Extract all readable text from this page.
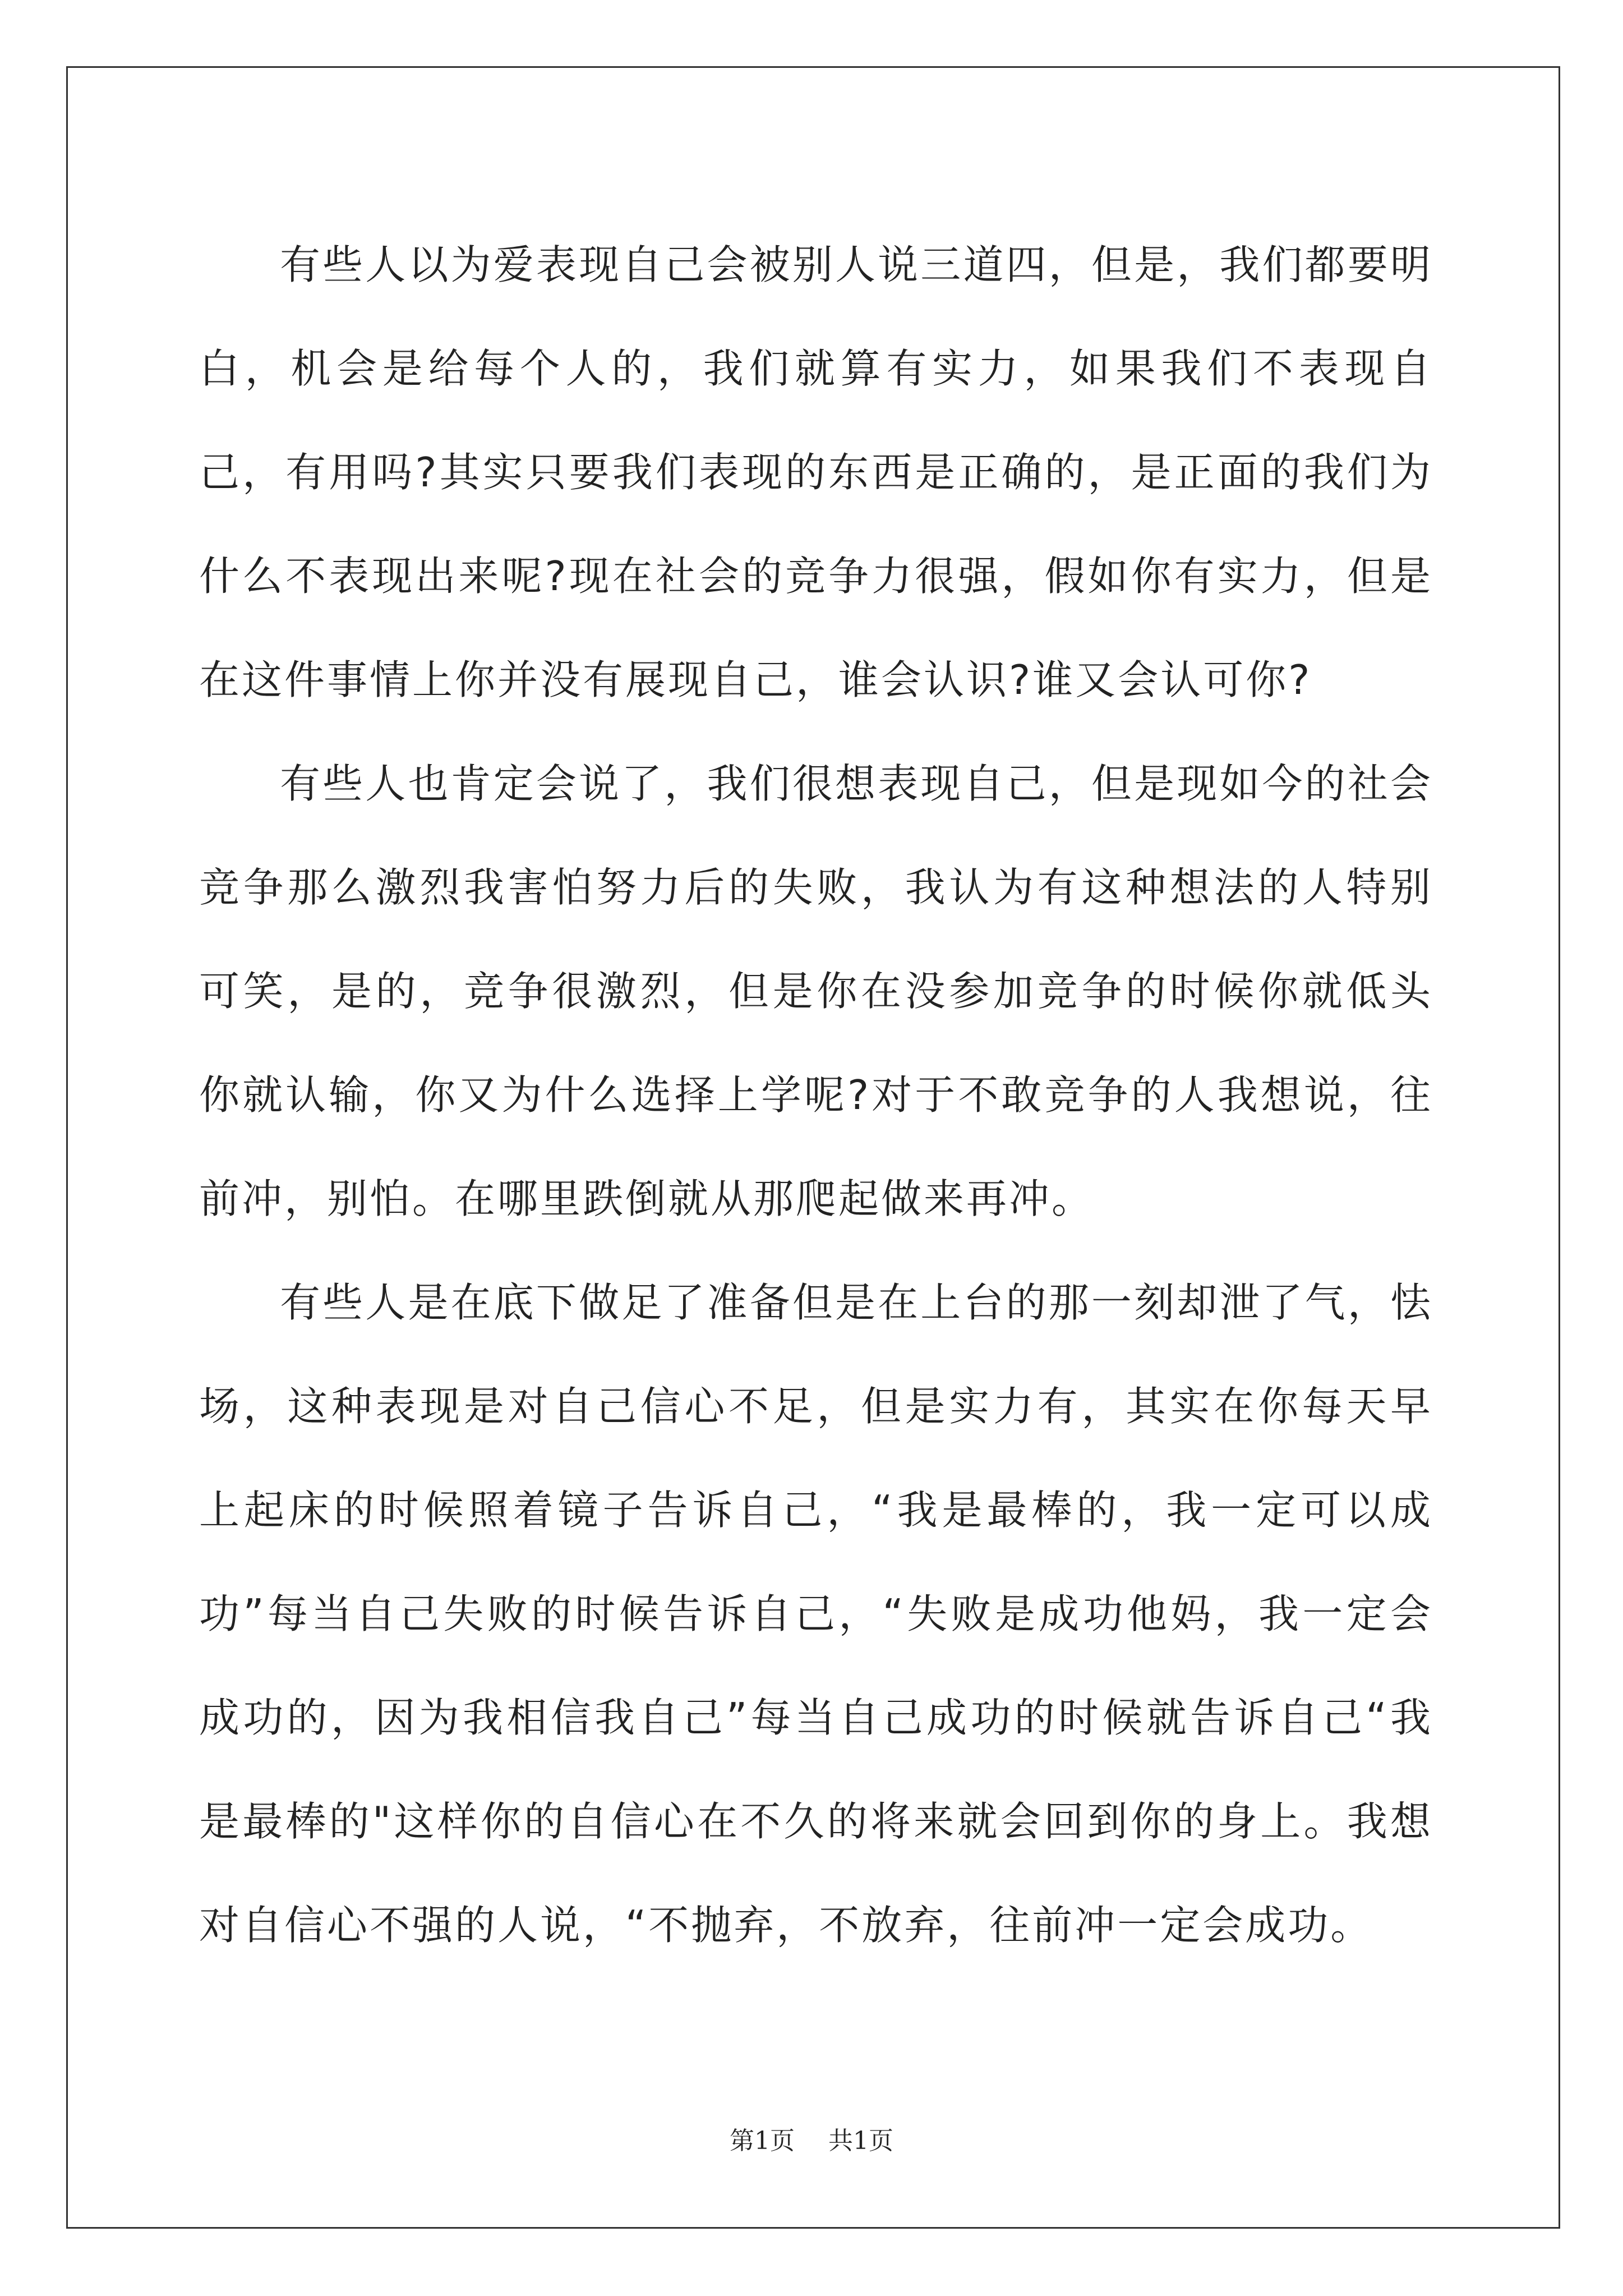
有些人以为爱表现自己会被别人说三道四，但是，我们都要明白，机会是给每个人的，我们就算有实力，如果我们不表现自己，有用吗?其实只要我们表现的东西是正确的，是正面的我们为什么不表现出来呢?现在社会的竞争力很强，假如你有实力，但是在这件事情上你并没有展现自己，谁会认识?谁又会认可你?

有些人也肯定会说了，我们很想表现自己，但是现如今的社会竞争那么激烈我害怕努力后的失败，我认为有这种想法的人特别可笑，是的，竞争很激烈，但是你在没参加竞争的时候你就低头你就认输，你又为什么选择上学呢?对于不敢竞争的人我想说，往前冲，别怕。在哪里跌倒就从那爬起做来再冲。

有些人是在底下做足了准备但是在上台的那一刻却泄了气，怯场，这种表现是对自己信心不足，但是实力有，其实在你每天早上起床的时候照着镜子告诉自己，“我是最棒的，我一定可以成功”每当自己失败的时候告诉自己，“失败是成功他妈，我一定会成功的，因为我相信我自己”每当自己成功的时候就告诉自己“我是最棒的"这样你的自信心在不久的将来就会回到你的身上。我想对自信心不强的人说，“不抛弃，不放弃，往前冲一定会成功。

第1页 共1页
